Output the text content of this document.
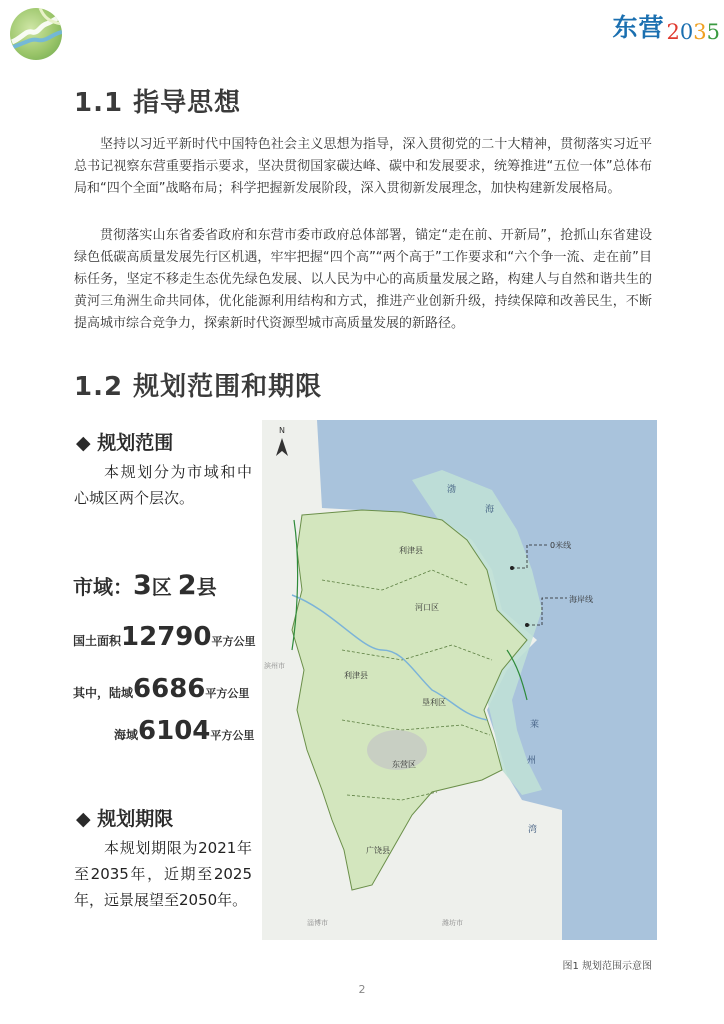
东营 2035
1.1 指导思想

坚持以习近平新时代中国特色社会主义思想为指导，深入贯彻党的二十大精神，贯彻落实习近平总书记视察东营重要指示要求，坚决贯彻国家碳达峰、碳中和发展要求，统筹推进“五位一体”总体布局和“四个全面”战略布局；科学把握新发展阶段，深入贯彻新发展理念，加快构建新发展格局。

贯彻落实山东省委省政府和东营市委市政府总体部署，锚定“走在前、开新局”，抢抓山东省建设绿色低碳高质量发展先行区机遇，牢牢把握“四个高”“两个高于”工作要求和“六个争一流、走在前”目标任务，坚定不移走生态优先绿色发展、以人民为中心的高质量发展之路，构建人与自然和谐共生的黄河三角洲生命共同体，优化能源利用结构和方式，推进产业创新升级，持续保障和改善民生，不断提高城市综合竞争力，探索新时代资源型城市高质量发展的新路径。

1.2 规划范围和期限
◆ 规划范围

本规划分为市域和中心城区两个层次。

市域：3区 2县
国土面积12790平方公里
其中，陆域6686平方公里
海域6104平方公里
◆ 规划期限

本规划期限为2021年至2035年，近期至2025年，远景展望至2050年。

N
渤
海
莱
州
湾
利津县
河口区
利津县
垦利区
东营区
广饶县
0米线
海岸线
滨州市
淄博市	潍坊市
图1 规划范围示意图
2
